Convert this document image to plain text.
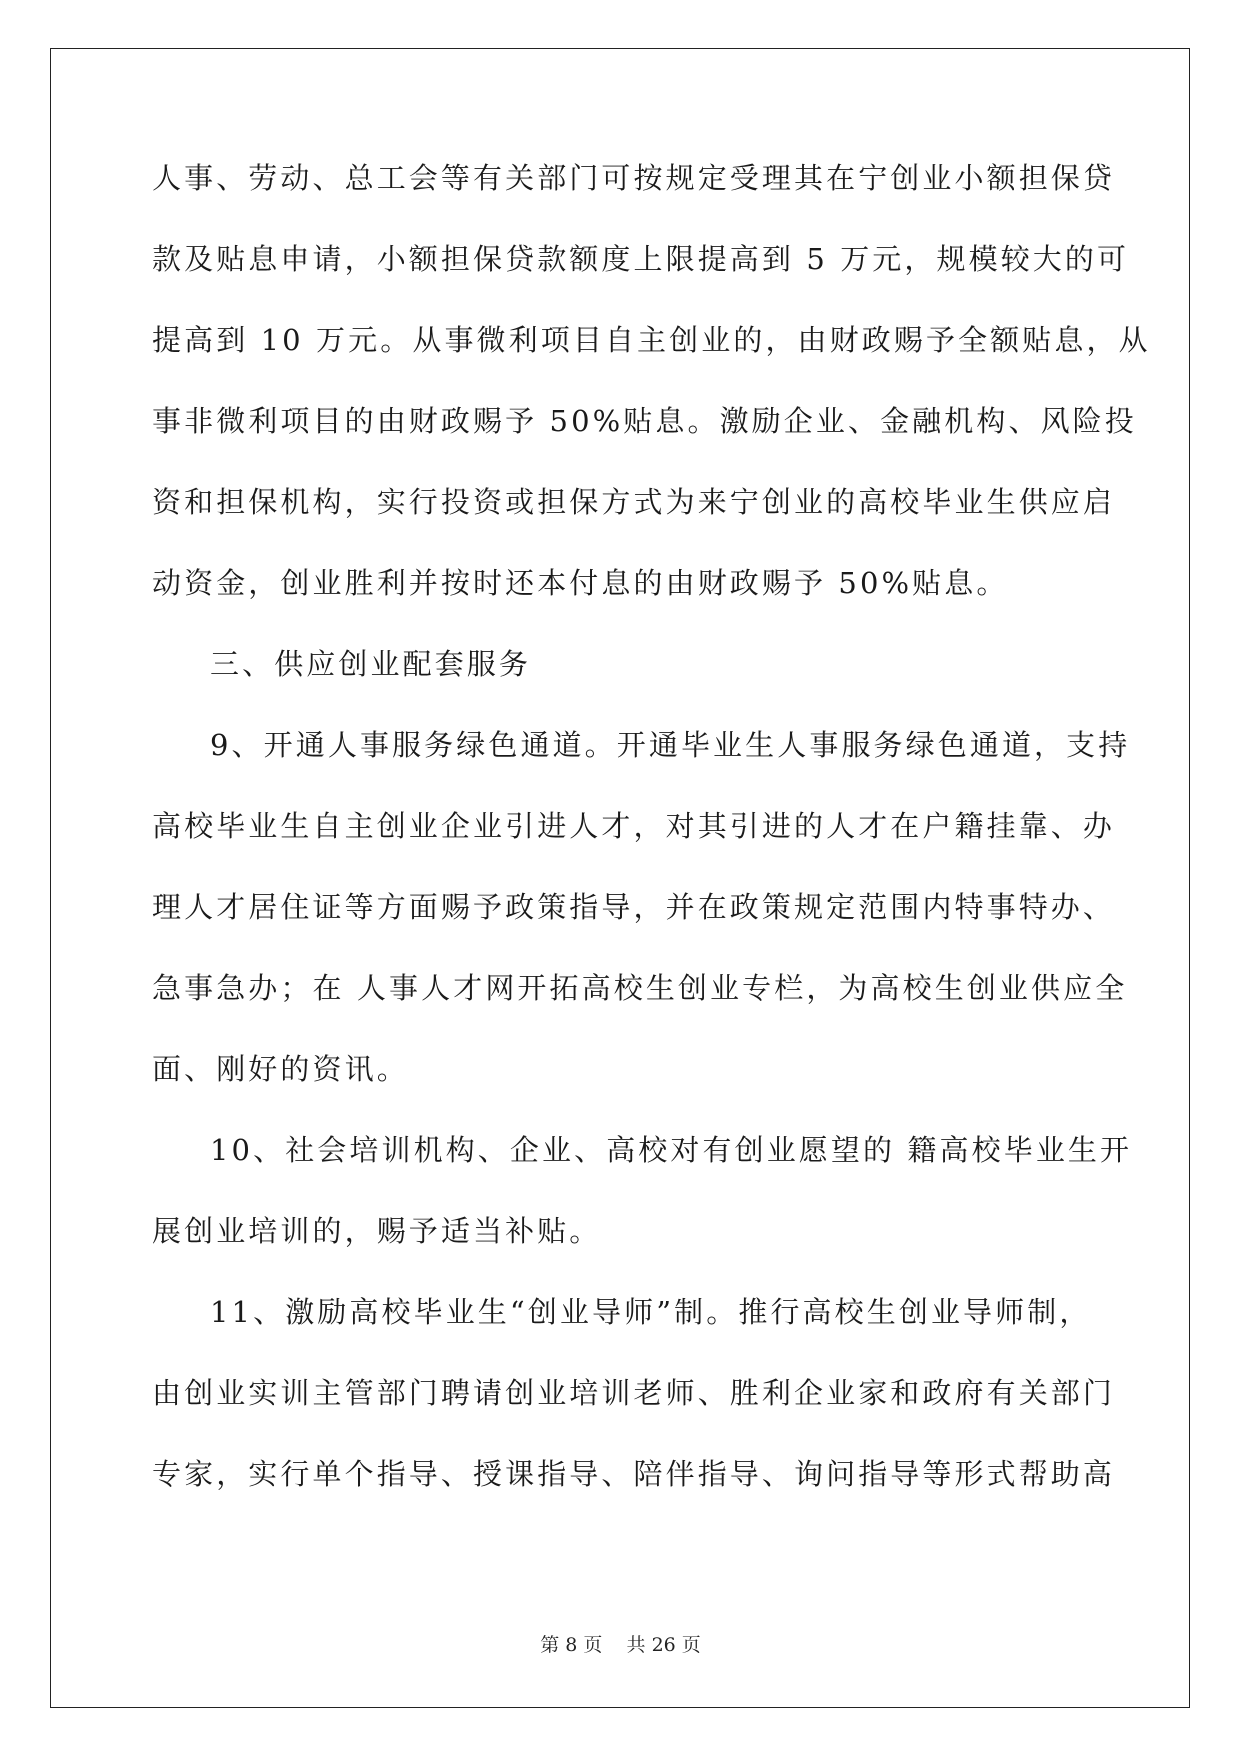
人事、劳动、总工会等有关部门可按规定受理其在宁创业小额担保贷

款及贴息申请，小额担保贷款额度上限提高到 5 万元，规模较大的可

提高到 10 万元。从事微利项目自主创业的，由财政赐予全额贴息，从

事非微利项目的由财政赐予 50%贴息。激励企业、金融机构、风险投

资和担保机构，实行投资或担保方式为来宁创业的高校毕业生供应启

动资金，创业胜利并按时还本付息的由财政赐予 50%贴息。

三、供应创业配套服务

9、开通人事服务绿色通道。开通毕业生人事服务绿色通道，支持

高校毕业生自主创业企业引进人才，对其引进的人才在户籍挂靠、办

理人才居住证等方面赐予政策指导，并在政策规定范围内特事特办、

急事急办；在 人事人才网开拓高校生创业专栏，为高校生创业供应全

面、刚好的资讯。

10、社会培训机构、企业、高校对有创业愿望的 籍高校毕业生开

展创业培训的，赐予适当补贴。

11、激励高校毕业生“创业导师”制。推行高校生创业导师制，

由创业实训主管部门聘请创业培训老师、胜利企业家和政府有关部门

专家，实行单个指导、授课指导、陪伴指导、询问指导等形式帮助高

第 8 页    共 26 页
